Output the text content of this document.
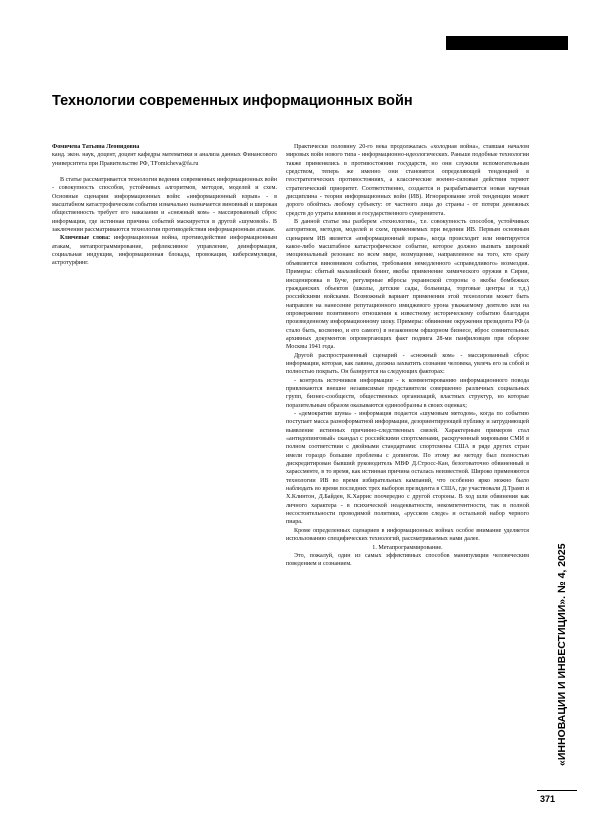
Технологии современных информационных войн

Фомичева Татьяна Леонидовна

канд. экон. наук, доцент, доцент кафедры математики и анализа данных Финансового университета при Правительстве РФ, TFomicheva@fa.ru

В статье рассматривается технология ведения современных информационных войн - совокупность способов, устойчивых алгоритмов, методов, моделей и схем. Основные сценарии информационных войн: «информационный взрыв» - в масштабном катастрофическом событии изначально назначается виновный и широкая общественность требует его наказания и «снежный ком» - массированный сброс информации, где истинная причина событий маскируется в другой «шумовой». В заключении рассматриваются технологии противодействия информационным атакам.

Ключевые слова: информационная война, противодействие информационным атакам, метапрограммирование, рефлексивное управление, деинформация, социальная индукция, информационная блокада, провокация, киберсимуляция, астротурфинг.

Практически половину 20-го века продолжалась «холодная война», ставшая началом мировых войн нового типа - информационно-идеологических. Раньше подобные технологии также применялись в противостоянии государств, но они служили вспомогательным средством, теперь же именно они становятся определяющей тенденцией в геостратегических противостояниях, а классические военно-силовые действия теряют стратегический приоритет. Соответственно, создается и разрабатывается новая научная дисциплина - теория информационных войн (ИВ). Игнорирование этой тенденции может дорого обойтись любому субъекту: от частного лица до страны - от потери денежных средств до утраты влияния и государственного суверенитета.

В данной статье мы разберем «технологии», т.е. совокупность способов, устойчивых алгоритмов, методов, моделей и схем, применяемых при ведении ИВ. Первым основным сценарием ИВ является «информационный взрыв», когда происходит или имитируется какое-либо масштабное катастрофическое событие, которое должно вызвать широкий эмоциональный резонанс во всем мире, возмущение, направленное на того, кто сразу объявляется виновником события, требования немедленного «справедливого» возмездия. Примеры: сбитый малазийский боинг, якобы применение химического оружия в Сирии, инсценировка в Буче, регулярные вбросы украинской стороны о якобы бомбежках гражданских объектов (школы, детские сады, больницы, торговые центры и т.д.) российскими войсками. Возможный вариант применения этой технологии может быть направлен на нанесение репутационного имиджевого урона уважаемому деятелю или на опровержение позитивного отношения к известному историческому событию благодаря произведенному информационному шоку. Примеры: обвинение окружения президента РФ (а стало быть, косвенно, и его самого) в незаконном офшорном бизнесе, вброс сомнительных архивных документов опровергающих факт подвига 28-ми панфиловцев при обороне Москвы 1941 года.

Другой распространенный сценарий - «снежный ком» - массированный сброс информации, которая, как лавина, должна захватить сознание человека, увлечь его за собой и полностью покрыть. Он базируется на следующих факторах:

- контроль источников информации - к комментированию информационного повода привлекаются внешне независимые представители совершенно различных социальных групп, бизнес-сообществ, общественных организаций, властных структур, но которые поразительным образом оказываются единообразны в своих оценках;

- «демократия шума» - информация подается «шумовым методом», когда по событию поступает масса разноформатной информации, дезориентирующей публику и затрудняющей выявление истинных причинно-следственных связей. Характерным примером стал «антидопинговый» скандал с российскими спортсменами, раскрученный мировыми СМИ в полном соответствии с двойными стандартами: спортсмены США в ряде других стран имели гораздо большие проблемы с допингом. По этому же методу был полностью дискредитирован бывший руководитель МВФ Д.Стросс-Кан, безоговаточно обвиненный в харассменте, в то время, как истинная причина осталась неизвестной. Широко применяются технологии ИВ во время избирательных кампаний, что особенно ярко можно было наблюдать во время последних трех выборов президента в США, где участвовали Д.Трамп и Х.Клинтон, Д.Байден, К.Харрис поочередно с другой стороны. В ход шли обвинения как личного характера - в психической неадекватности, некомпетентности, так в полной несостоятельности проводимой политики, «русском следе» и остальной набор черного пиара.

Кроме определенных сценариев в информационных войнах особое внимание уделяется использованию специфических технологий, рассматриваемых нами далее.

1. Метапрограммирование.

Это, пожалуй, один из самых эффективных способов манипуляции человеческим поведением и сознанием.	«ИННОВАЦИИ И ИНВЕСТИЦИИ». № 4, 2025
371
